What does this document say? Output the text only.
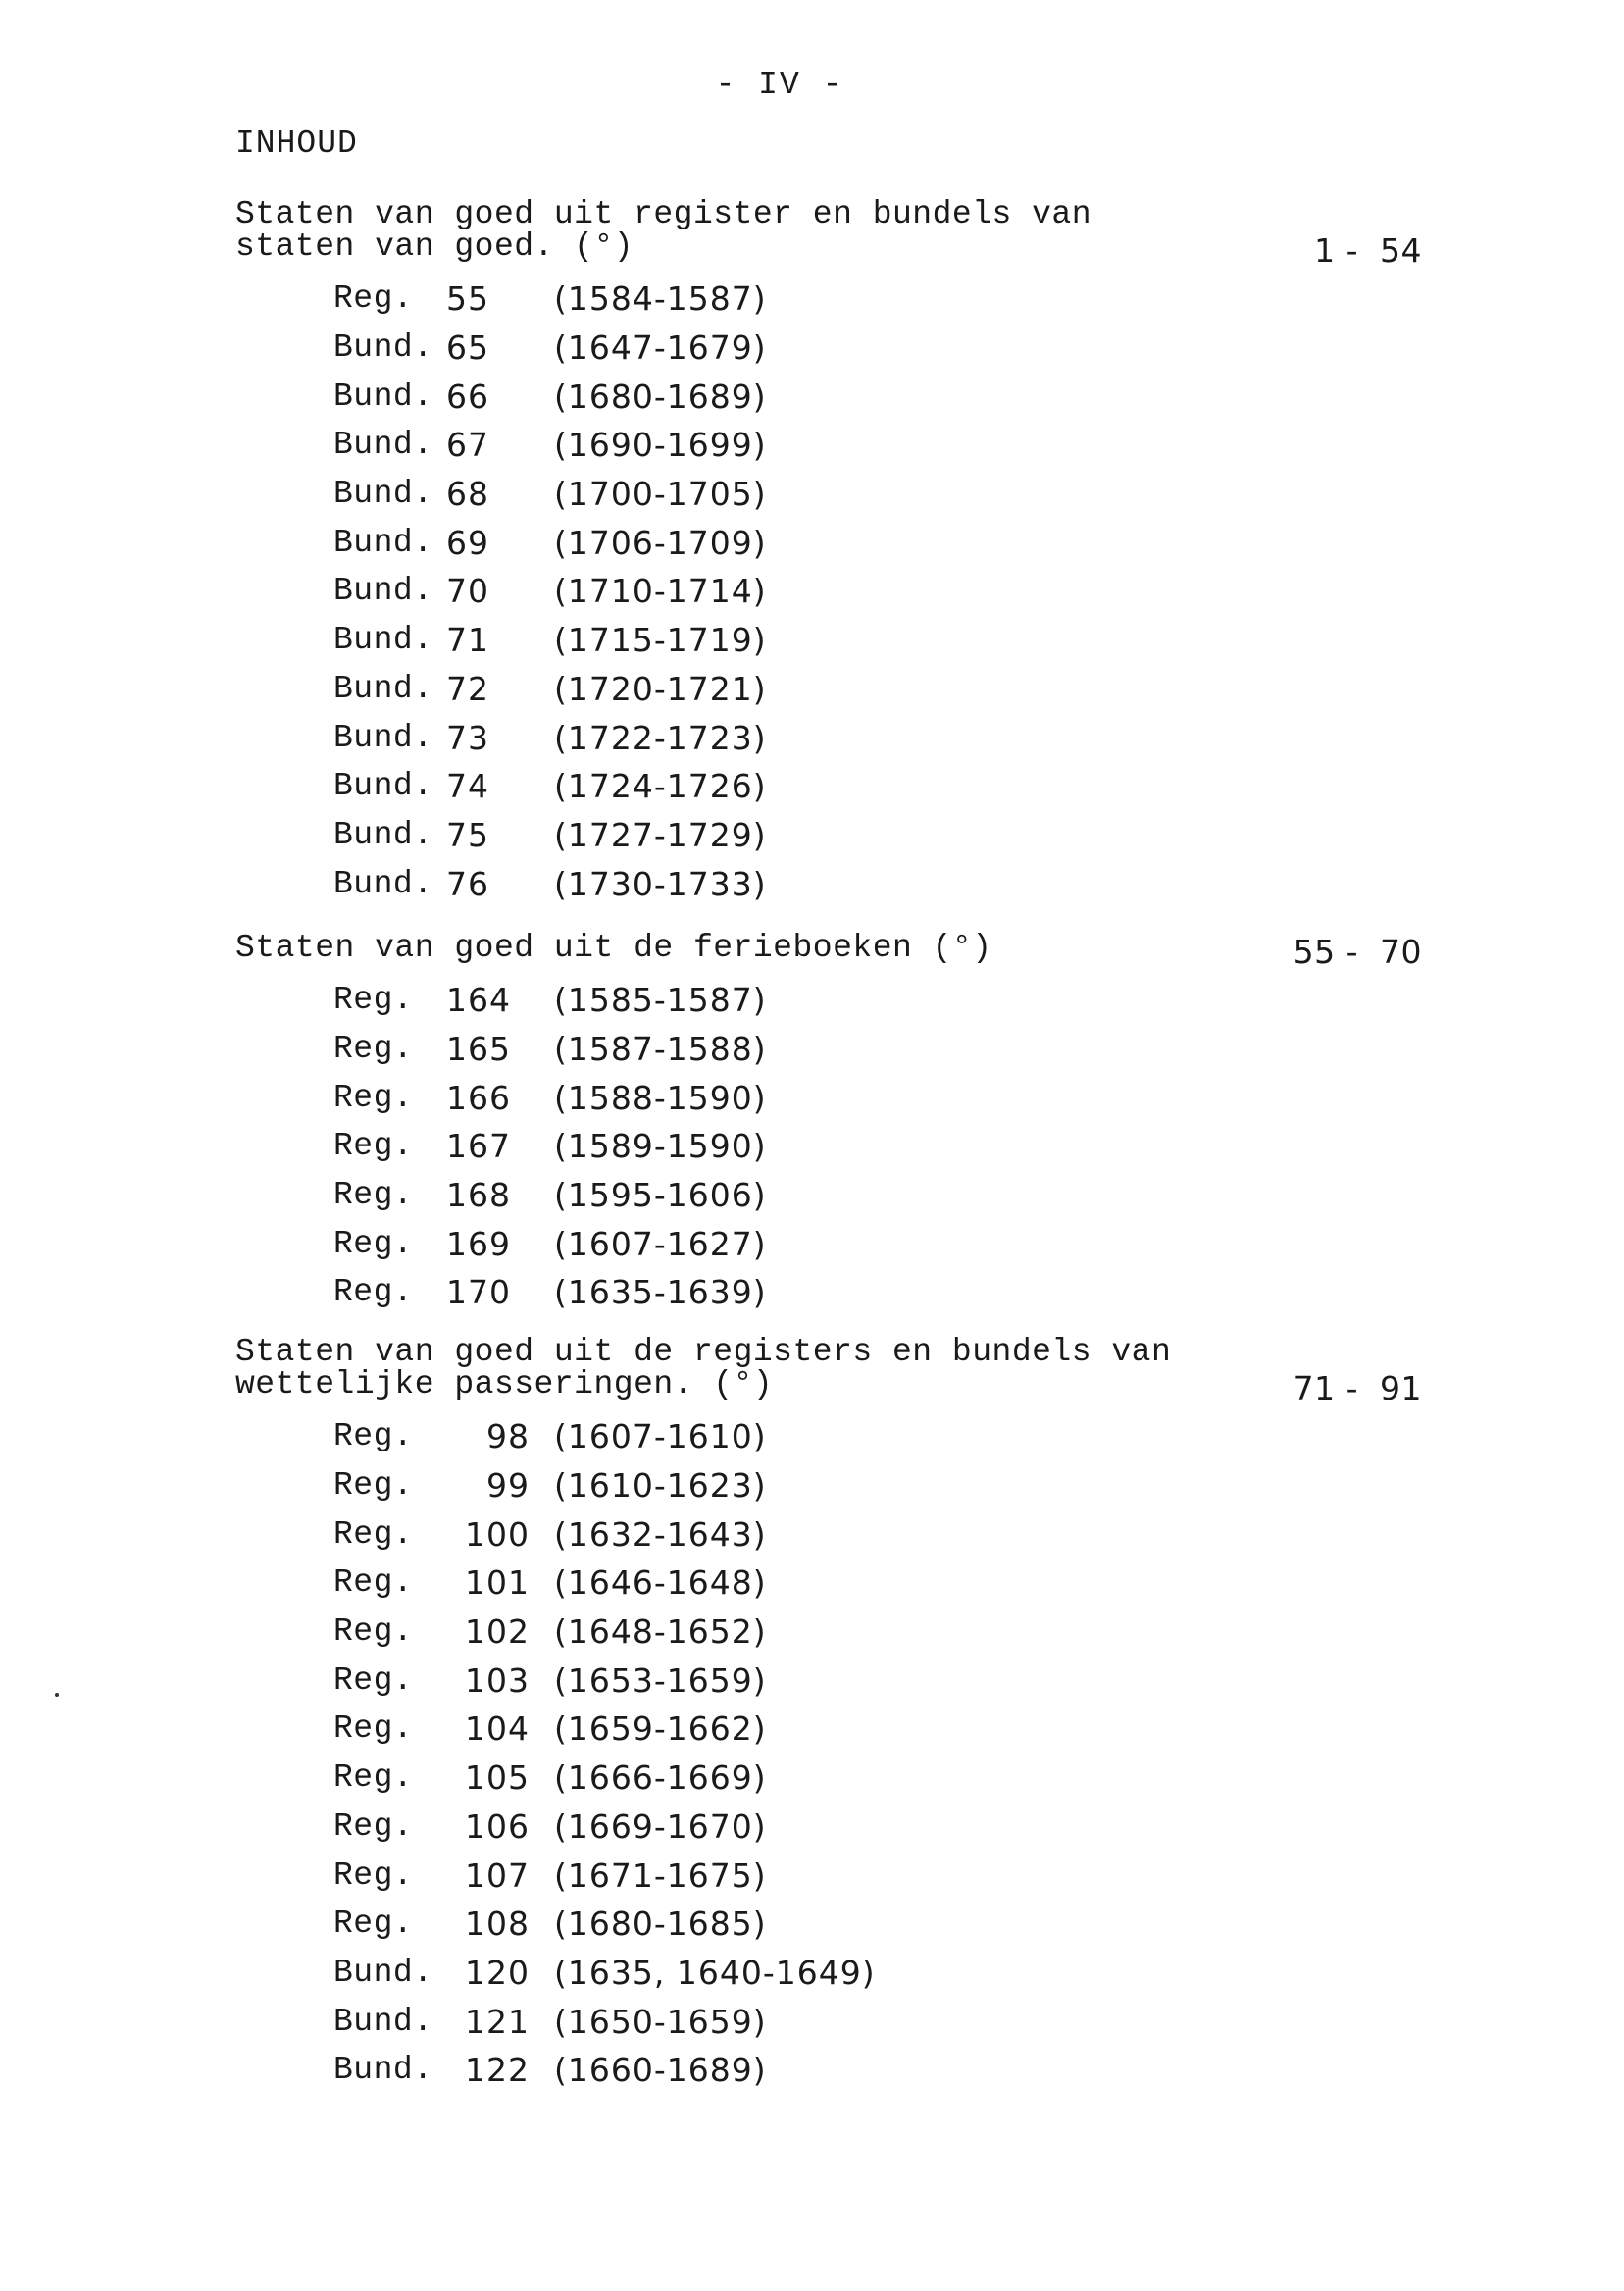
- IV -
INHOUD
Staten van goed uit register en bundels van
staten van goed. (°)	1 -  54
Reg.	55	(1584-1587)
Bund. 65	(1647-1679)
Bund. 66	(1680-1689)
Bund. 67	(1690-1699)
Bund. 68	(1700-1705)
Bund. 69	(1706-1709)
Bund. 70	(1710-1714)
Bund. 71	(1715-1719)
Bund. 72	(1720-1721)
Bund. 73	(1722-1723)
Bund. 74	(1724-1726)
Bund. 75	(1727-1729)
Bund. 76	(1730-1733)
Staten van goed uit de ferieboeken (°)	55 -  70
Reg.	164	(1585-1587)
Reg.	165	(1587-1588)
Reg.	166	(1588-1590)
Reg.	167	(1589-1590)
Reg.	168	(1595-1606)
Reg.	169	(1607-1627)
Reg.	170	(1635-1639)
Staten van goed uit de registers en bundels van
wettelijke passeringen. (°)	71 -  91
Reg.	98 (1607-1610)
Reg.	99 (1610-1623)
Reg.	100 (1632-1643)
Reg.	101 (1646-1648)
Reg.	102 (1648-1652)
Reg.	103 (1653-1659)
Reg.	104 (1659-1662)
Reg.	105 (1666-1669)
Reg.	106 (1669-1670)
Reg.	107 (1671-1675)
Reg.	108 (1680-1685)
Bund. 120 (1635, 1640-1649)
Bund. 121 (1650-1659)
Bund. 122 (1660-1689)
